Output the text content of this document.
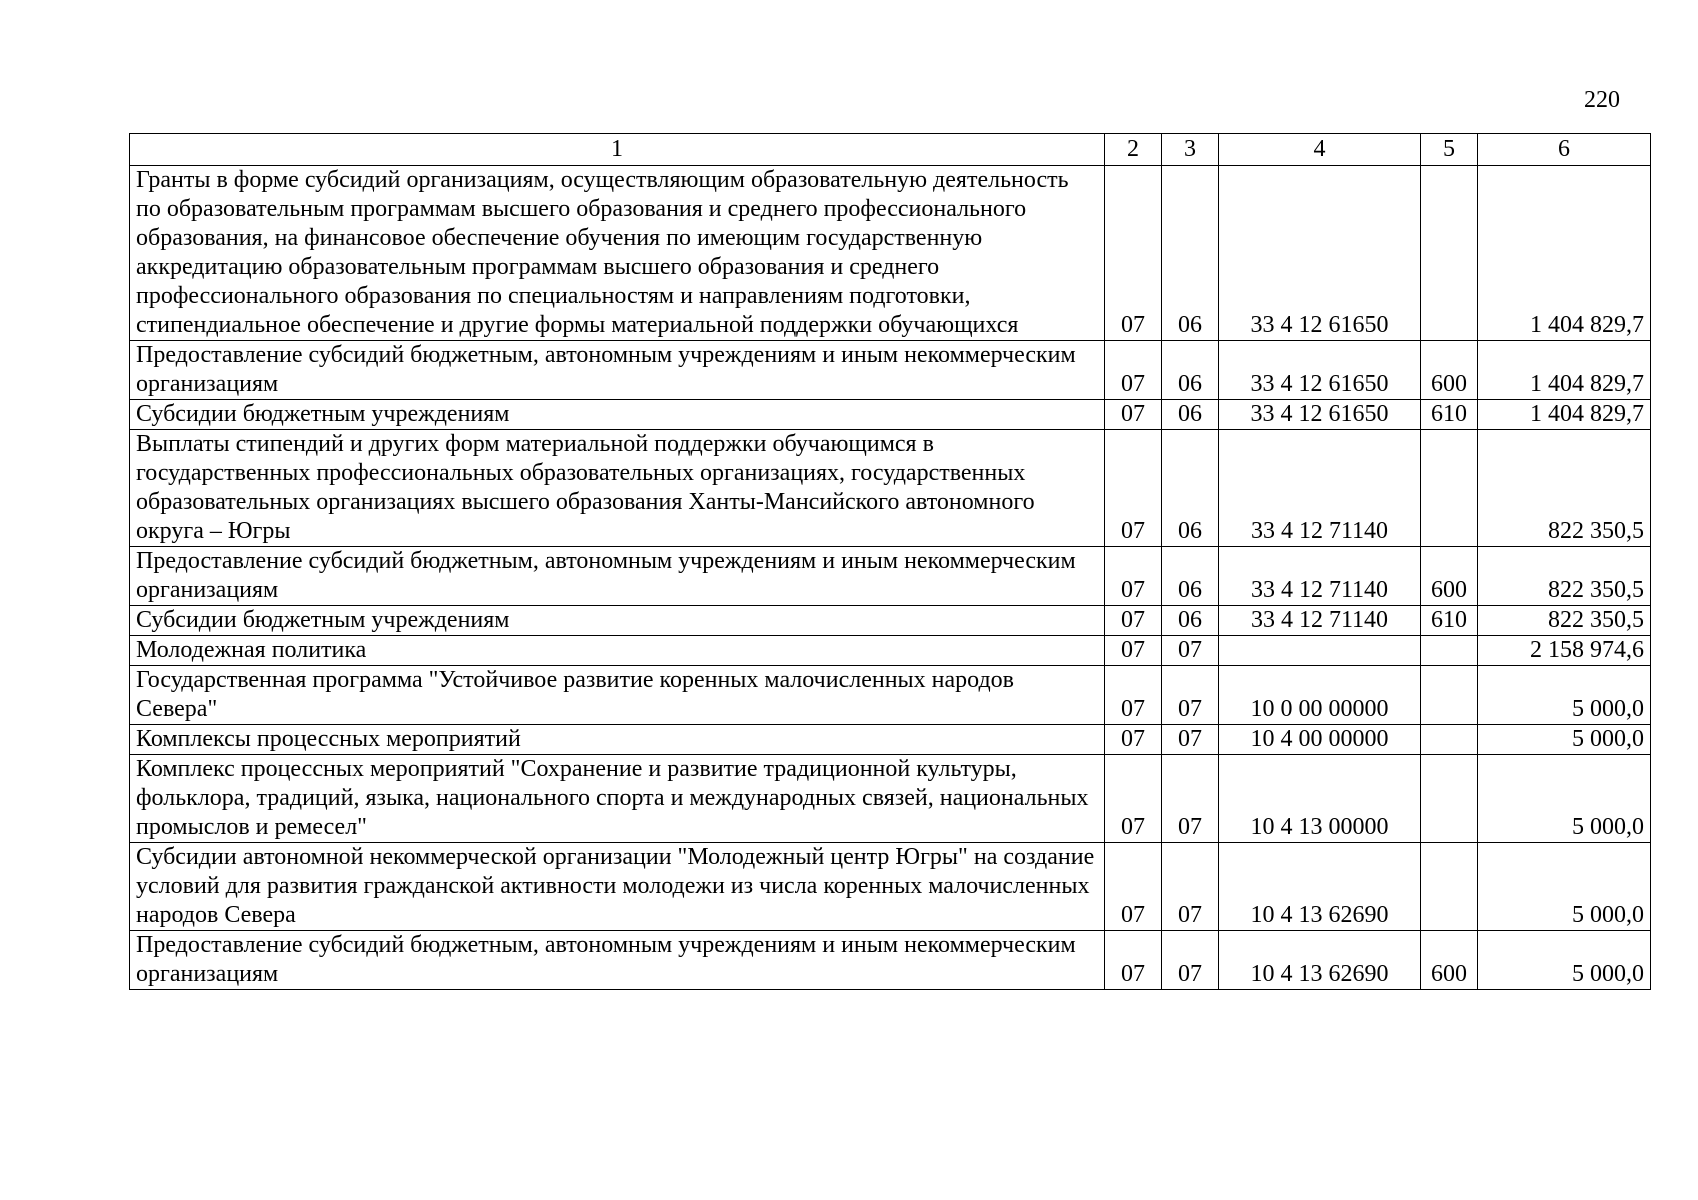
220
1	2	3	4	5	6
Гранты в форме субсидий организациям, осуществляющим образовательную деятельность по образовательным программам высшего образования и среднего профессионального образования, на финансовое обеспечение обучения по имеющим государственную аккредитацию образовательным программам высшего образования и среднего профессионального образования по специальностям и направлениям подготовки, стипендиальное обеспечение и другие формы материальной поддержки обучающихся	07	06	33 4 12 61650		1 404 829,7
Предоставление субсидий бюджетным, автономным учреждениям и иным некоммерческим организациям	07	06	33 4 12 61650	600	1 404 829,7
Субсидии бюджетным учреждениям	07	06	33 4 12 61650	610	1 404 829,7
Выплаты стипендий и других форм материальной поддержки обучающимся в государственных профессиональных образовательных организациях, государственных образовательных организациях высшего образования Ханты-Мансийского автономного округа – Югры	07	06	33 4 12 71140		822 350,5
Предоставление субсидий бюджетным, автономным учреждениям и иным некоммерческим организациям	07	06	33 4 12 71140	600	822 350,5
Субсидии бюджетным учреждениям	07	06	33 4 12 71140	610	822 350,5
Молодежная политика	07	07			2 158 974,6
Государственная программа "Устойчивое развитие коренных малочисленных народов Севера"	07	07	10 0 00 00000		5 000,0
Комплексы процессных мероприятий	07	07	10 4 00 00000		5 000,0
Комплекс процессных мероприятий "Сохранение и развитие традиционной культуры, фольклора, традиций, языка, национального спорта и международных связей, национальных промыслов и ремесел"	07	07	10 4 13 00000		5 000,0
Субсидии автономной некоммерческой организации "Молодежный центр Югры" на создание условий для развития гражданской активности молодежи из числа коренных малочисленных народов Севера	07	07	10 4 13 62690		5 000,0
Предоставление субсидий бюджетным, автономным учреждениям и иным некоммерческим организациям	07	07	10 4 13 62690	600	5 000,0
